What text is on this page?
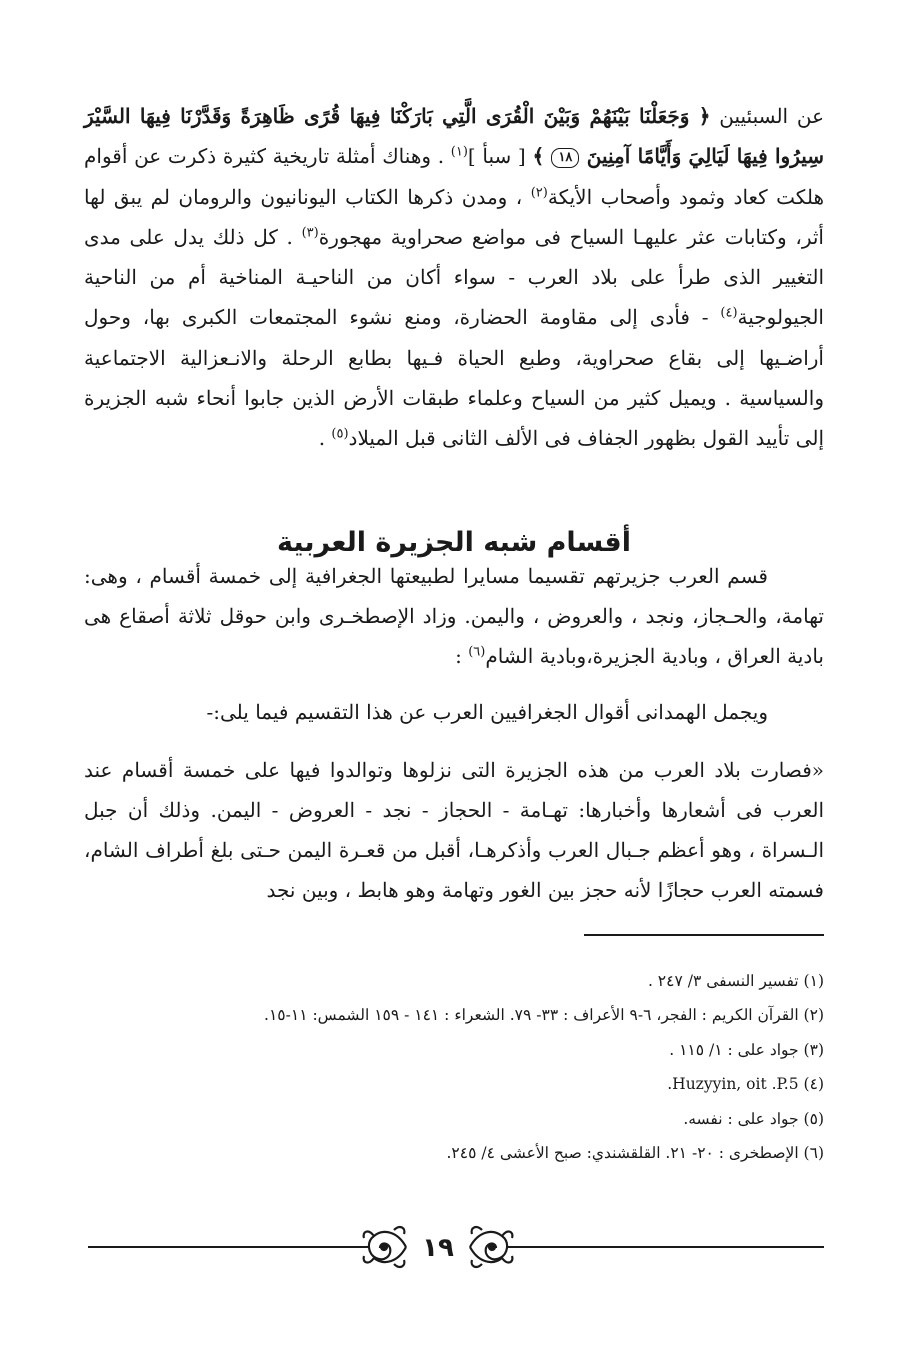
عن السبئيين ﴿ وَجَعَلْنَا بَيْنَهُمْ وَبَيْنَ الْقُرَى الَّتِي بَارَكْنَا فِيهَا قُرًى ظَاهِرَةً وَقَدَّرْنَا فِيهَا السَّيْرَ سِيرُوا فِيهَا لَيَالِيَ وَأَيَّامًا آمِنِينَ ١٨ ﴾ [ سبأ ]$^{(١)}$ . وهناك أمثلة تاريخية كثيرة ذكرت عن أقوام هلكت كعاد وثمود وأصحاب الأيكة$^{(٢)}$ ، ومدن ذكرها الكتاب اليونانيون والرومان لم يبق لها أثر، وكتابات عثر عليهـا السياح فى مواضع صحراوية مهجورة$^{(٣)}$ . كل ذلك يدل على مدى التغيير الذى طرأ على بلاد العرب - سواء أكان من الناحيـة المناخية أم من الناحية الجيولوجية$^{(٤)}$ - فأدى إلى مقاومة الحضارة، ومنع نشوء المجتمعات الكبرى بها، وحول أراضـيها إلى بقاع صحراوية، وطبع الحياة فـيها بطابع الرحلة والانـعزالية الاجتماعية والسياسية . ويميل كثير من السياح وعلماء طبقات الأرض الذين جابوا أنحاء شبه الجزيرة إلى تأييد القول بظهور الجفاف فى الألف الثانى قبل الميلاد$^{(٥)}$ .

أقسام شبه الجزيرة العربية

قسم العرب جزيرتهم تقسيما مسايرا لطبيعتها الجغرافية إلى خمسة أقسام ، وهى: تهامة، والحـجاز، ونجد ، والعروض ، واليمن. وزاد الإصطخـرى وابن حوقل ثلاثة أصقاع هى بادية العراق ، وبادية الجزيرة،وبادية الشام$^{(٦)}$ :

ويجمل الهمدانى أقوال الجغرافيين العرب عن هذا التقسيم فيما يلى:-

«فصارت بلاد العرب من هذه الجزيرة التى نزلوها وتوالدوا فيها على خمسة أقسام عند العرب فى أشعارها وأخبارها: تهـامة - الحجاز - نجد - العروض - اليمن. وذلك أن جبل الـسراة ، وهو أعظم جـبال العرب وأذكرهـا، أقبل من قعـرة اليمن حـتى بلغ أطراف الشام، فسمته العرب حجازًا لأنه حجز بين الغور وتهامة وهو هابط ، وبين نجد

(١) تفسير النسفى ٣/ ٢٤٧ .

(٢) القرآن الكريم : الفجر، ٦-٩ الأعراف : ٣٣- ٧٩. الشعراء : ١٤١ - ١٥٩ الشمس: ١١-١٥.

(٣) جواد على : ١/ ١١٥ .

(٤) .Huzyyin, oit .P.5

(٥) جواد على : نفسه.

(٦) الإصطخرى : ٢٠- ٢١. القلقشندي: صبح الأعشى ٤/ ٢٤٥.

١٩
